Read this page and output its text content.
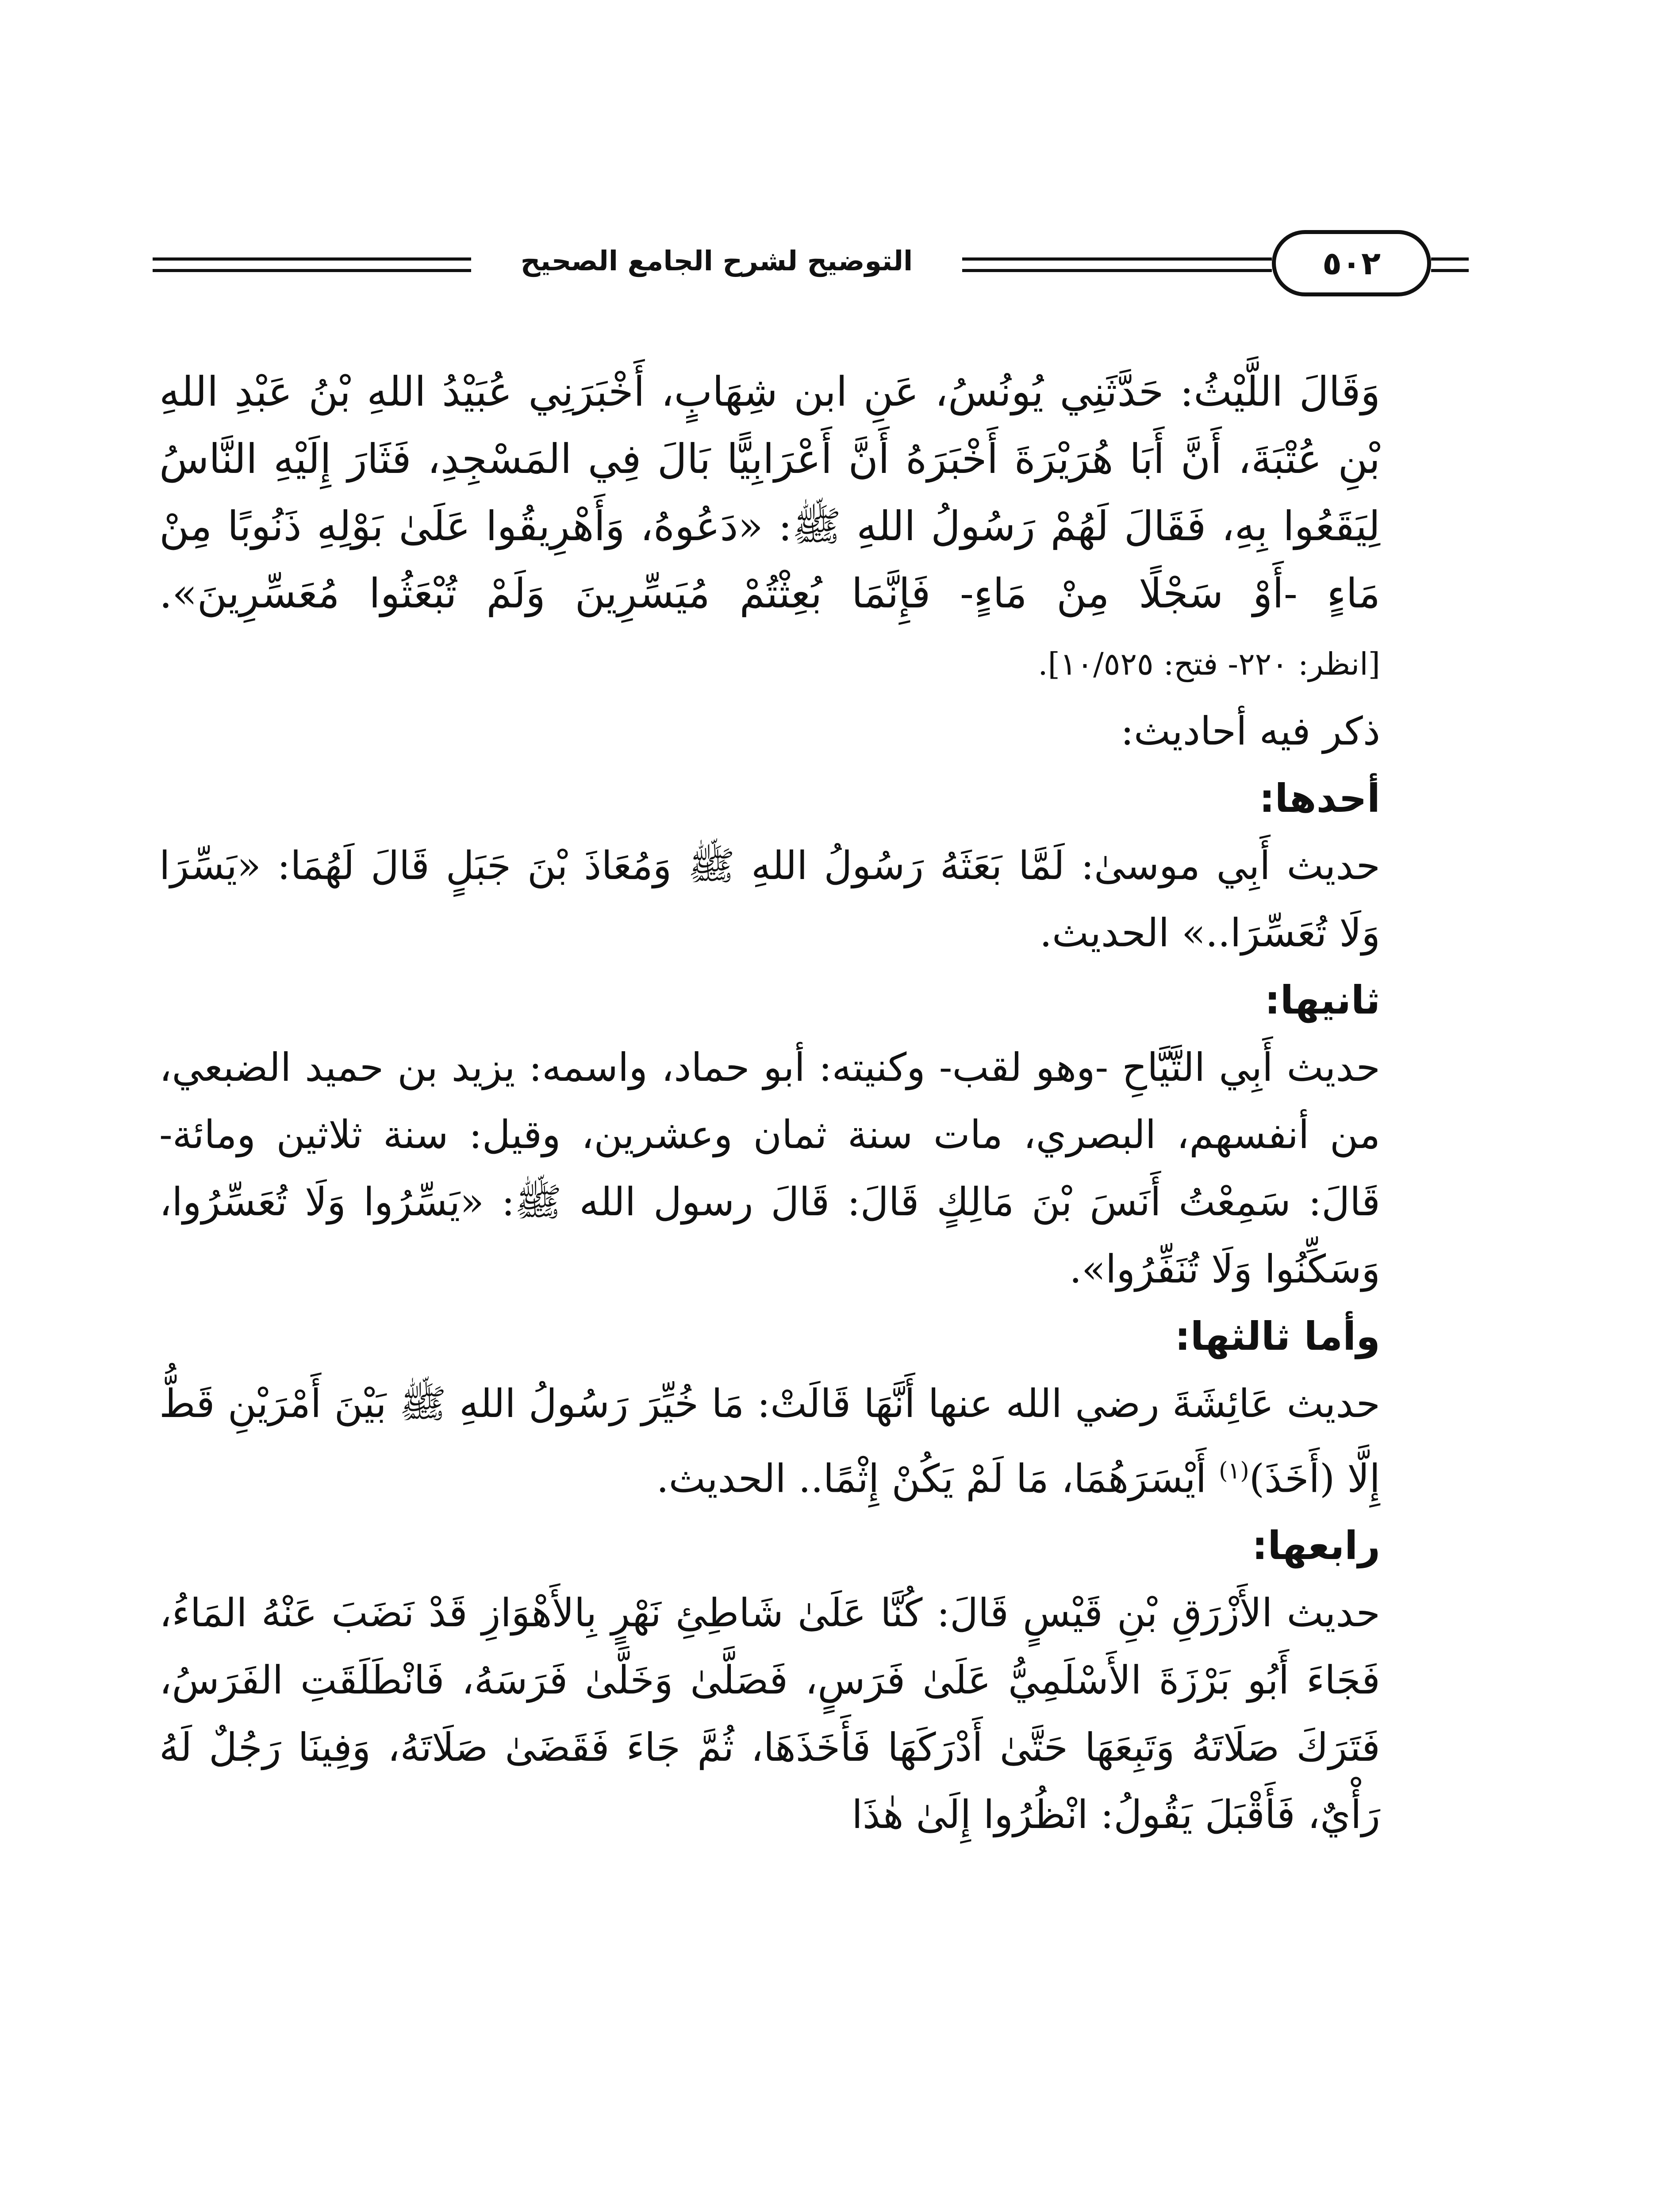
التوضيح لشرح الجامع الصحيح	٥٠٢

وَقَالَ اللَّيْثُ: حَدَّثَنِي يُونُسُ، عَنِ ابن شِهَابٍ، أَخْبَرَنِي عُبَيْدُ اللهِ بْنُ عَبْدِ اللهِ بْنِ عُتْبَةَ، أَنَّ أَبَا هُرَيْرَةَ أَخْبَرَهُ أَنَّ أَعْرَابِيًّا بَالَ فِي المَسْجِدِ، فَثَارَ إِلَيْهِ النَّاسُ لِيَقَعُوا بِهِ، فَقَالَ لَهُمْ رَسُولُ اللهِ ﷺ: «دَعُوهُ، وَأَهْرِيقُوا عَلَىٰ بَوْلِهِ ذَنُوبًا مِنْ مَاءٍ -أَوْ سَجْلًا مِنْ مَاءٍ- فَإِنَّمَا بُعِثْتُمْ مُيَسِّرِينَ وَلَمْ تُبْعَثُوا مُعَسِّرِينَ». [انظر: ٢٢٠- فتح: ١٠/٥٢٥].

ذكر فيه أحاديث:

أحدها:

حديث أَبِي موسىٰ: لَمَّا بَعَثَهُ رَسُولُ اللهِ ﷺ وَمُعَاذَ بْنَ جَبَلٍ قَالَ لَهُمَا: «يَسِّرَا وَلَا تُعَسِّرَا..» الحديث.

ثانيها:

حديث أَبِي التَّيَّاحِ -وهو لقب- وكنيته: أبو حماد، واسمه: يزيد بن حميد الضبعي، من أنفسهم، البصري، مات سنة ثمان وعشرين، وقيل: سنة ثلاثين ومائة- قَالَ: سَمِعْتُ أَنَسَ بْنَ مَالِكٍ قَالَ: قَالَ رسول الله ﷺ: «يَسِّرُوا وَلَا تُعَسِّرُوا، وَسَكِّنُوا وَلَا تُنَفِّرُوا».

وأما ثالثها:

حديث عَائِشَةَ رضي الله عنها أَنَّهَا قَالَتْ: مَا خُيِّرَ رَسُولُ اللهِ ﷺ بَيْنَ أَمْرَيْنِ قَطُّ إِلَّا (أَخَذَ)$^{(١)}$ أَيْسَرَهُمَا، مَا لَمْ يَكُنْ إِثْمًا.. الحديث.

رابعها:

حديث الأَزْرَقِ بْنِ قَيْسٍ قَالَ: كُنَّا عَلَىٰ شَاطِئِ نَهْرٍ بِالأَهْوَازِ قَدْ نَضَبَ عَنْهُ المَاءُ، فَجَاءَ أَبُو بَرْزَةَ الأَسْلَمِيُّ عَلَىٰ فَرَسٍ، فَصَلَّىٰ وَخَلَّىٰ فَرَسَهُ، فَانْطَلَقَتِ الفَرَسُ، فَتَرَكَ صَلَاتَهُ وَتَبِعَهَا حَتَّىٰ أَدْرَكَهَا فَأَخَذَهَا، ثُمَّ جَاءَ فَقَضَىٰ صَلَاتَهُ، وَفِينَا رَجُلٌ لَهُ رَأْيٌ، فَأَقْبَلَ يَقُولُ: انْظُرُوا إِلَىٰ هٰذَا
